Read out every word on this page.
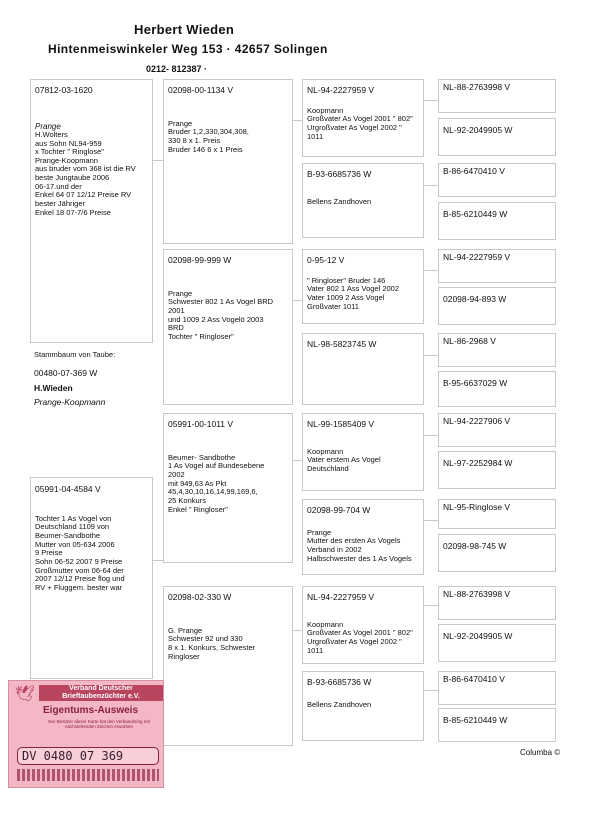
Herbert Wieden
Hintenmeiswinkeler Weg 153 · 42657 Solingen
0212- 812387 ·
07812-03-1620
Prange
H.Wolters
aus Sohn NL94-959
x Tochter " Ringlose"
Prange-Koopmann
aus bruder vom 368 ist die RV
beste Jungtaube 2006
06-17.und der
Enkel 64 07 12/12 Preise RV
bester Jähriger
Enkel 18 07-7/6 Preise
Stammbaum von Taube:
00480-07-369 W
H.Wieden
Prange-Koopmann
05991-04-4584 V
Tochter 1 As Vogel von
Deutschland 1109 von
Beumer-Sandbothe
Mutter von 05-634 2006
9 Preise
Sohn 06-52 2007 9 Preise
Großmutter vom 06-64 der
2007 12/12 Preise flog und
RV + Fluggem. bester war
02098-00-1134 V
Prange
Bruder 1,2,330,304,308,
330 8 x 1. Preis
Bruder 146 6 x 1 Preis
02098-99-999 W
Prange
Schwester 802 1 As Vogel BRD
2001
und 1009 2 Ass Vogelö 2003
BRD
Tochter " Ringloser"
05991-00-1011 V
Beumer- Sandbothe
1 As Vogel auf Bundesebene
2002
mit 949,63 As Pkt
45,4,30,10,16,14,99,169,6,
25 Konkurs
Enkel " Ringloser"
02098-02-330 W
G. Prange
Schwester 92 und 330
8 x 1. Konkurs, Schwester
Ringloser
NL-94-2227959 V
Koopmann
Großvater As Vogel 2001 " 802"
Urgroßvater As Vogel 2002 "
1011
B-93-6685736 W
Bellens Zandhoven
0-95-12 V
" Ringloser" Bruder 146
Vater 802 1 Ass Vogel 2002
Vater 1009 2 Ass Vogel
Großvater 1011
NL-98-5823745 W
NL-99-1585409 V
Koopmann
Vater erstem As Vogel
Deutschland
02098-99-704 W
Prange
Mutter des ersten As Vogels
Verband in 2002
Halbschwester des 1 As Vogels
NL-94-2227959 V
Koopmann
Großvater As Vogel 2001 " 802"
Urgroßvater As Vogel 2002 "
1011
B-93-6685736 W
Bellens Zandhoven
NL-88-2763998 V
NL-92-2049905 W
B-86-6470410 V
B-85-6210449 W
NL-94-2227959 V
02098-94-893 W
NL-86-2968 V
B-95-6637029 W
NL-94-2227906 V
NL-97-2252984 W
NL-95-Ringlose V
02098-98-745 W
NL-88-2763998 V
NL-92-2049905 W
B-86-6470410 V
B-85-6210449 W
Columba ©
🕊	Verband Deutscher Brieftaubenzüchter e.V.
Eigentums-Ausweis
Der Besitzer dieser Karte hat den Verbandsring mit nachstehenden Zeichen erworben
DV 0480 07 369
